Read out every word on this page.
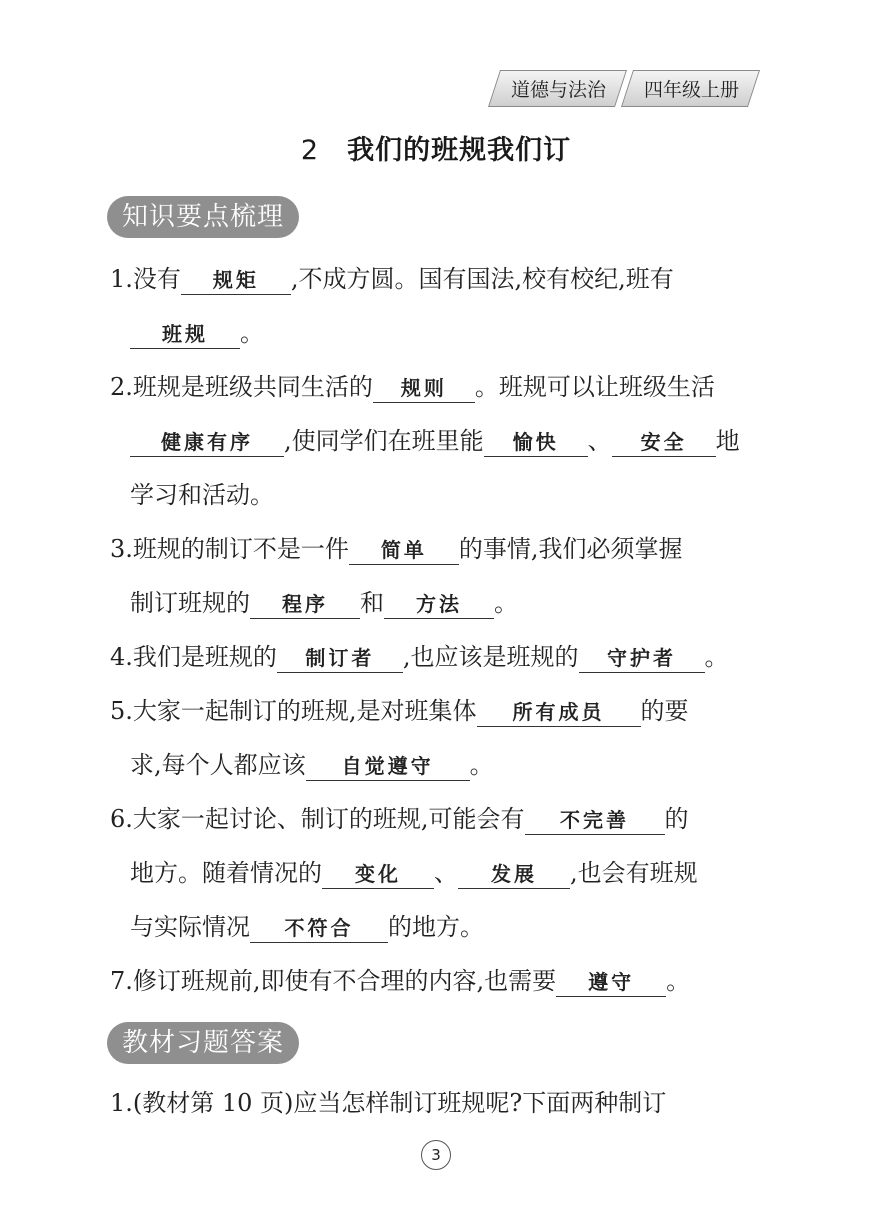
道德与法治	四年级上册
2 我们的班规我们订
知识要点梳理
1.没有 规矩 ,不成方圆。国有国法,校有校纪,班有
班规 。
2.班规是班级共同生活的 规则 。班规可以让班级生活
健康有序 ,使同学们在班里能 愉快 、 安全 地
学习和活动。
3.班规的制订不是一件 简单 的事情,我们必须掌握
制订班规的 程序 和 方法 。
4.我们是班规的 制订者 ,也应该是班规的 守护者 。
5.大家一起制订的班规,是对班集体 所有成员 的要
求,每个人都应该 自觉遵守 。
6.大家一起讨论、制订的班规,可能会有 不完善 的
地方。随着情况的 变化 、 发展 ,也会有班规
与实际情况 不符合 的地方。
7.修订班规前,即使有不合理的内容,也需要 遵守 。
教材习题答案
1.(教材第 10 页)应当怎样制订班规呢?下面两种制订
3
